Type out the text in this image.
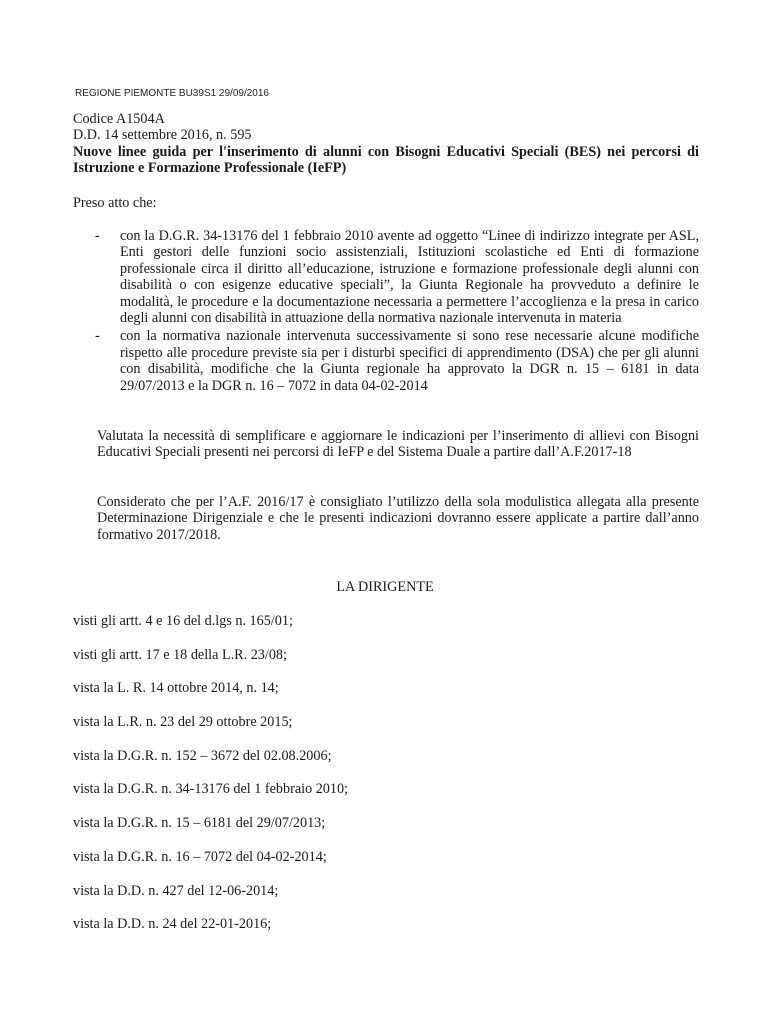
REGIONE PIEMONTE BU39S1 29/09/2016

Codice A1504A

D.D. 14 settembre 2016, n. 595

Nuove linee guida per l'inserimento di alunni con Bisogni Educativi Speciali (BES) nei percorsi di Istruzione e Formazione Professionale (IeFP)

Preso atto che:

- con la D.G.R. 34-13176 del 1 febbraio 2010 avente ad oggetto “Linee di indirizzo integrate per ASL, Enti gestori delle funzioni socio assistenziali, Istituzioni scolastiche ed Enti di formazione professionale circa il diritto all’educazione, istruzione e formazione professionale degli alunni con disabilità o con esigenze educative speciali”, la Giunta Regionale ha provveduto a definire le modalità, le procedure e la documentazione necessaria a permettere l’accoglienza e la presa in carico degli alunni con disabilità in attuazione della normativa nazionale intervenuta in materia
- con la normativa nazionale intervenuta successivamente si sono rese necessarie alcune modifiche rispetto alle procedure previste sia per i disturbi specifici di apprendimento (DSA) che per gli alunni con disabilità, modifiche che la Giunta regionale ha approvato la DGR n. 15 – 6181 in data 29/07/2013 e la DGR n. 16 – 7072 in data 04-02-2014

Valutata la necessità di semplificare e aggiornare le indicazioni per l’inserimento di allievi con Bisogni Educativi Speciali presenti nei percorsi di IeFP e del Sistema Duale a partire dall’A.F.2017-18

Considerato che per l’A.F. 2016/17 è consigliato l’utilizzo della sola modulistica allegata alla presente Determinazione Dirigenziale e che le presenti indicazioni dovranno essere applicate a partire dall’anno formativo 2017/2018.

LA DIRIGENTE

visti gli artt. 4 e 16 del d.lgs n. 165/01;
visti gli artt. 17 e 18 della L.R. 23/08;
vista la L. R. 14 ottobre 2014, n. 14;
vista la L.R. n. 23 del 29 ottobre 2015;
vista la D.G.R. n. 152 – 3672 del 02.08.2006;
vista la D.G.R. n. 34-13176 del 1 febbraio 2010;
vista la D.G.R. n. 15 – 6181 del 29/07/2013;
vista la D.G.R. n. 16 – 7072 del 04-02-2014;
vista la D.D. n. 427 del 12-06-2014;
vista la D.D. n. 24 del 22-01-2016;
